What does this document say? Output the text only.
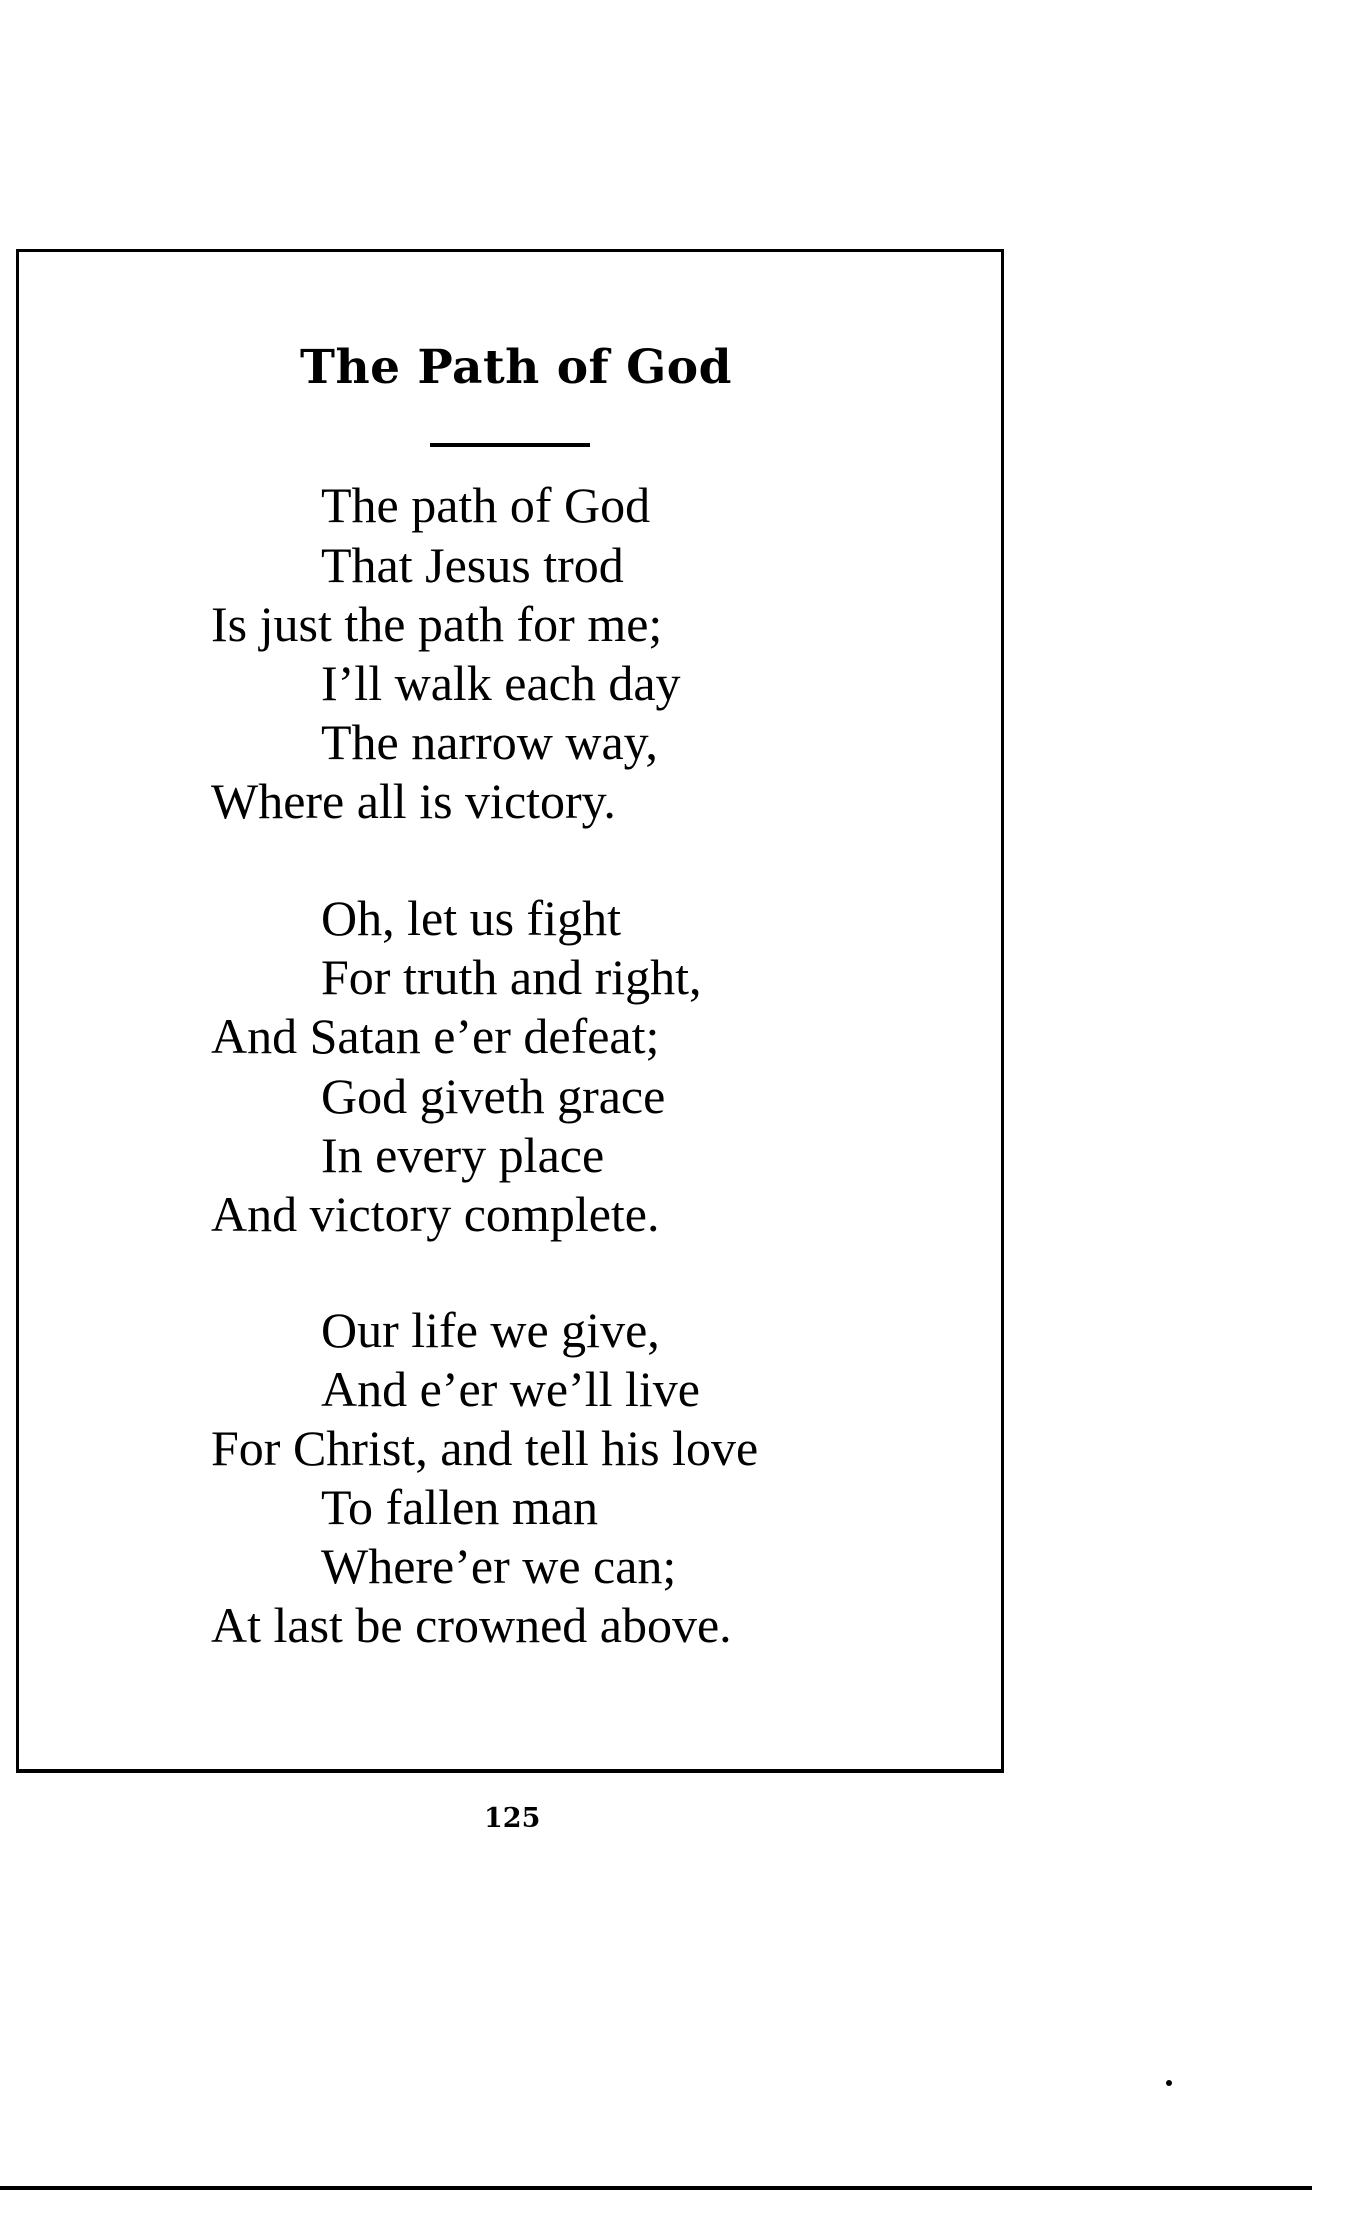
The Path of God
The path of God
That Jesus trod
Is just the path for me;
I’ll walk each day
The narrow way,
Where all is victory.
Oh, let us fight
For truth and right,
And Satan e’er defeat;
God giveth grace
In every place
And victory complete.
Our life we give,
And e’er we’ll live
For Christ, and tell his love
To fallen man
Where’er we can;
At last be crowned above.
125
